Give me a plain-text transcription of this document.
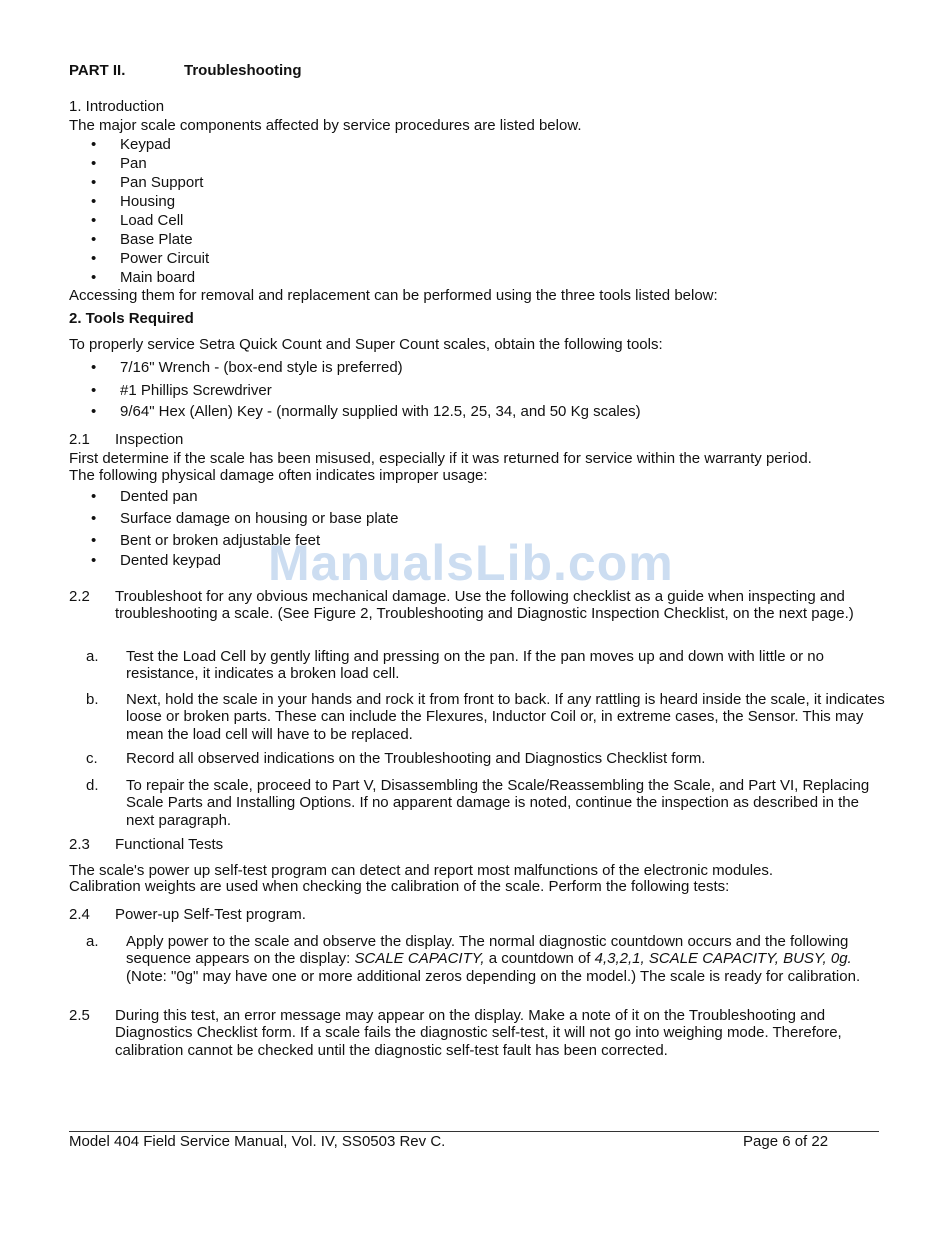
PART II.	Troubleshooting
1. Introduction
The major scale components affected by service procedures are listed below.
•	Keypad
•	Pan
•	Pan Support
•	Housing
•	Load Cell
•	Base Plate
•	Power Circuit
•	Main board
Accessing them for removal and replacement can be performed using the three tools listed below:
2. Tools Required
To properly service Setra Quick Count and Super Count scales, obtain the following tools:
•	7/16" Wrench - (box-end style is preferred)
•	#1 Phillips Screwdriver
•	9/64" Hex (Allen) Key - (normally supplied with 12.5, 25, 34, and 50 Kg scales)
2.1 Inspection
First determine if the scale has been misused, especially if it was returned for service within the warranty period.
The following physical damage often indicates improper usage:
•	Dented pan
•	Surface damage on housing or base plate
•	Bent or broken adjustable feet
•	Dented keypad ManualsLib.com
2.2 Troubleshoot for any obvious mechanical damage. Use the following checklist as a guide when inspecting and troubleshooting a scale. (See Figure 2, Troubleshooting and Diagnostic Inspection Checklist, on the next page.)
a. Test the Load Cell by gently lifting and pressing on the pan. If the pan moves up and down with little or no resistance, it indicates a broken load cell.
b. Next, hold the scale in your hands and rock it from front to back. If any rattling is heard inside the scale, it indicates loose or broken parts. These can include the Flexures, Inductor Coil or, in extreme cases, the Sensor. This may mean the load cell will have to be replaced.
c. Record all observed indications on the Troubleshooting and Diagnostics Checklist form.
d. To repair the scale, proceed to Part V, Disassembling the Scale/Reassembling the Scale, and Part VI, Replacing Scale Parts and Installing Options. If no apparent damage is noted, continue the inspection as described in the next paragraph.
2.3 Functional Tests
The scale's power up self-test program can detect and report most malfunctions of the electronic modules.
Calibration weights are used when checking the calibration of the scale. Perform the following tests:
2.4 Power-up Self-Test program.
a. Apply power to the scale and observe the display. The normal diagnostic countdown occurs and the following sequence appears on the display: SCALE CAPACITY, a countdown of 4,3,2,1, SCALE CAPACITY, BUSY, 0g. (Note: "0g" may have one or more additional zeros depending on the model.) The scale is ready for calibration.
2.5 During this test, an error message may appear on the display. Make a note of it on the Troubleshooting and Diagnostics Checklist form. If a scale fails the diagnostic self-test, it will not go into weighing mode. Therefore, calibration cannot be checked until the diagnostic self-test fault has been corrected.
Model 404 Field Service Manual, Vol. IV, SS0503 Rev C.	Page 6 of 22
